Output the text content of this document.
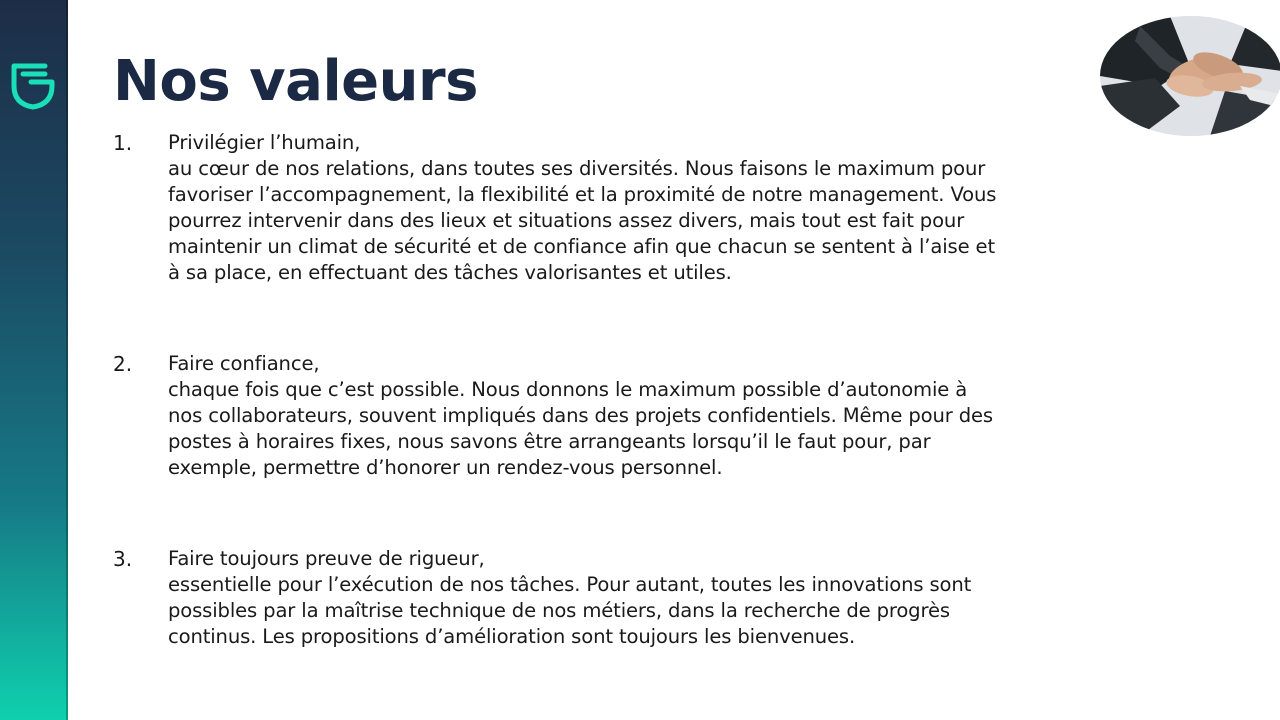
Nos valeurs
1. Privilégier l’humain,
au cœur de nos relations, dans toutes ses diversités. Nous faisons le maximum pour
favoriser l’accompagnement, la flexibilité et la proximité de notre management. Vous
pourrez intervenir dans des lieux et situations assez divers, mais tout est fait pour
maintenir un climat de sécurité et de confiance afin que chacun se sentent à l’aise et
à sa place, en effectuant des tâches valorisantes et utiles.
2. Faire confiance,
chaque fois que c’est possible. Nous donnons le maximum possible d’autonomie à
nos collaborateurs, souvent impliqués dans des projets confidentiels. Même pour des
postes à horaires fixes, nous savons être arrangeants lorsqu’il le faut pour, par
exemple, permettre d’honorer un rendez-vous personnel.
3. Faire toujours preuve de rigueur,
essentielle pour l’exécution de nos tâches. Pour autant, toutes les innovations sont
possibles par la maîtrise technique de nos métiers, dans la recherche de progrès
continus. Les propositions d’amélioration sont toujours les bienvenues.
